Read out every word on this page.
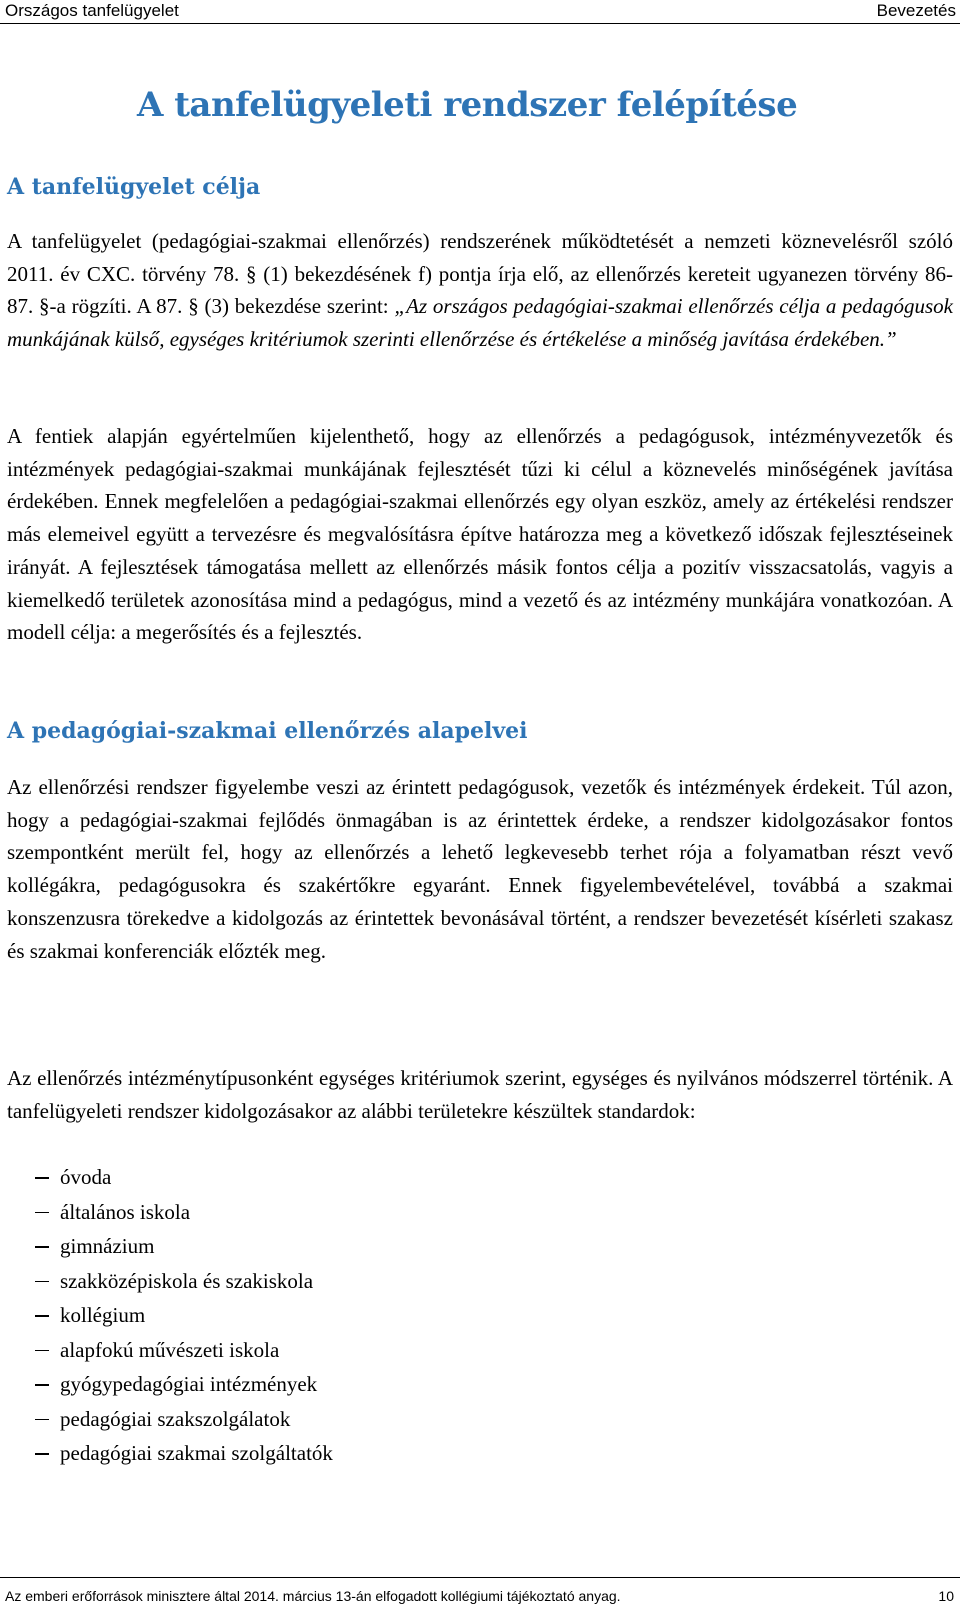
Országos tanfelügyelet	Bevezetés
A tanfelügyeleti rendszer felépítése
A tanfelügyelet célja

A tanfelügyelet (pedagógiai-szakmai ellenőrzés) rendszerének működtetését a nemzeti köznevelésről szóló 2011. év CXC. törvény 78. § (1) bekezdésének f) pontja írja elő, az ellenőrzés kereteit ugyanezen törvény 86-87. §-a rögzíti. A 87. § (3) bekezdése szerint: „Az országos pedagógiai-szakmai ellenőrzés célja a pedagógusok munkájának külső, egységes kritériumok szerinti ellenőrzése és értékelése a minőség javítása érdekében.”

A fentiek alapján egyértelműen kijelenthető, hogy az ellenőrzés a pedagógusok, intézményvezetők és intézmények pedagógiai-szakmai munkájának fejlesztését tűzi ki célul a köznevelés minőségének javítása érdekében. Ennek megfelelően a pedagógiai-szakmai ellenőrzés egy olyan eszköz, amely az értékelési rendszer más elemeivel együtt a tervezésre és megvalósításra építve határozza meg a következő időszak fejlesztéseinek irányát. A fejlesztések támogatása mellett az ellenőrzés másik fontos célja a pozitív visszacsatolás, vagyis a kiemelkedő területek azonosítása mind a pedagógus, mind a vezető és az intézmény munkájára vonatkozóan. A modell célja: a megerősítés és a fejlesztés.

A pedagógiai-szakmai ellenőrzés alapelvei

Az ellenőrzési rendszer figyelembe veszi az érintett pedagógusok, vezetők és intézmények érdekeit. Túl azon, hogy a pedagógiai-szakmai fejlődés önmagában is az érintettek érdeke, a rendszer kidolgozásakor fontos szempontként merült fel, hogy az ellenőrzés a lehető legkevesebb terhet rója a folyamatban részt vevő kollégákra, pedagógusokra és szakértőkre egyaránt. Ennek figyelembevételével, továbbá a szakmai konszenzusra törekedve a kidolgozás az érintettek bevonásával történt, a rendszer bevezetését kísérleti szakasz és szakmai konferenciák előzték meg.

Az ellenőrzés intézménytípusonként egységes kritériumok szerint, egységes és nyilvános módszerrel történik. A tanfelügyeleti rendszer kidolgozásakor az alábbi területekre készültek standardok:

óvoda
általános iskola
gimnázium
szakközépiskola és szakiskola
kollégium
alapfokú művészeti iskola
gyógypedagógiai intézmények
pedagógiai szakszolgálatok
pedagógiai szakmai szolgáltatók
Az emberi erőforrások minisztere által 2014. március 13-án elfogadott kollégiumi tájékoztató anyag.	10
